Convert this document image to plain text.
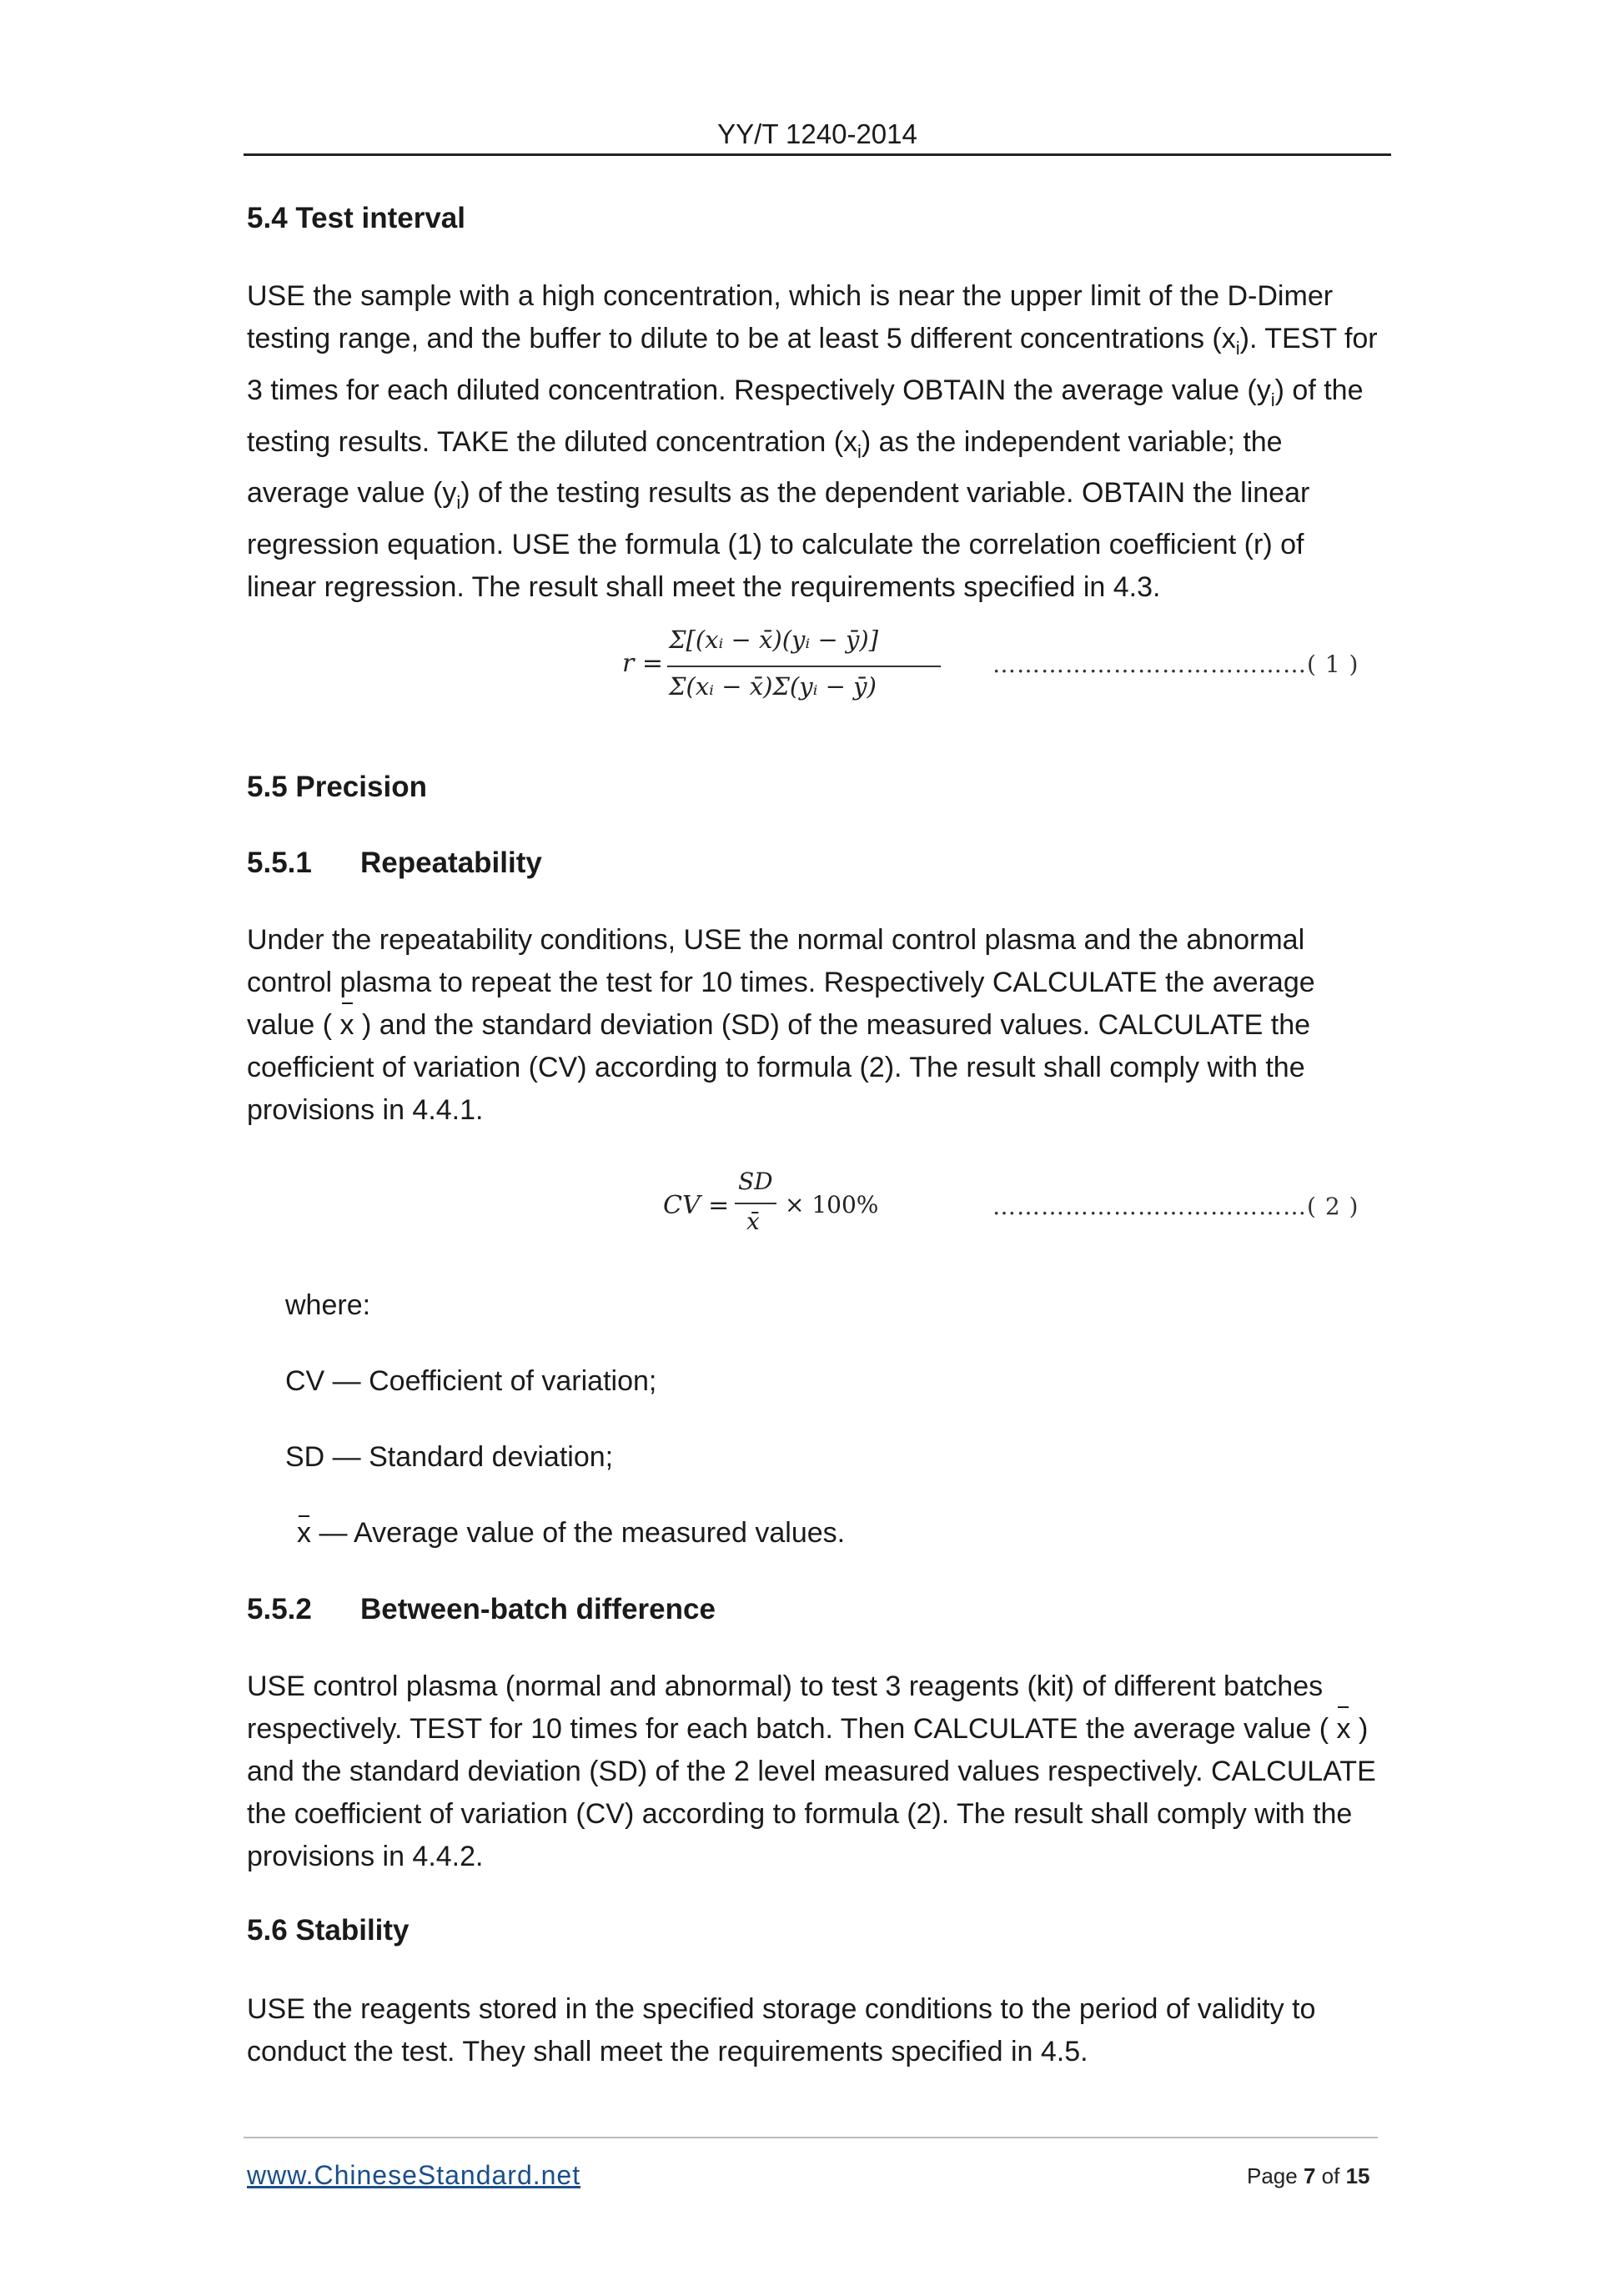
YY/T 1240-2014
5.4 Test interval

USE the sample with a high concentration, which is near the upper limit of the D-Dimer

testing range, and the buffer to dilute to be at least 5 different concentrations $(x_i)$. TEST for

3 times for each diluted concentration. Respectively OBTAIN the average value $(y_i)$ of the

testing results. TAKE the diluted concentration $(x_i)$ as the independent variable; the

average value $(y_i)$ of the testing results as the dependent variable. OBTAIN the linear

regression equation. USE the formula (1) to calculate the correlation coefficient (r) of

linear regression. The result shall meet the requirements specified in 4.3.

r =
Σ[(xᵢ − x̄)(yᵢ − ȳ)]
Σ(xᵢ − x̄)Σ(yᵢ − ȳ)
…………………………………( 1 )
5.5 Precision
5.5.1 Repeatability

Under the repeatability conditions, USE the normal control plasma and the abnormal

control plasma to repeat the test for 10 times. Respectively CALCULATE the average

value ( x ) and the standard deviation (SD) of the measured values. CALCULATE the

coefficient of variation (CV) according to formula (2). The result shall comply with the

provisions in 4.4.1.

CV =
SD
x̄
× 100%	…………………………………( 2 )
where:
CV — Coefficient of variation;
SD — Standard deviation;
x — Average value of the measured values.
5.5.2 Between-batch difference

USE control plasma (normal and abnormal) to test 3 reagents (kit) of different batches

respectively. TEST for 10 times for each batch. Then CALCULATE the average value ( x )

and the standard deviation (SD) of the 2 level measured values respectively. CALCULATE

the coefficient of variation (CV) according to formula (2). The result shall comply with the

provisions in 4.4.2.

5.6 Stability

USE the reagents stored in the specified storage conditions to the period of validity to

conduct the test. They shall meet the requirements specified in 4.5.

www.ChineseStandard.net	Page 7 of 15
